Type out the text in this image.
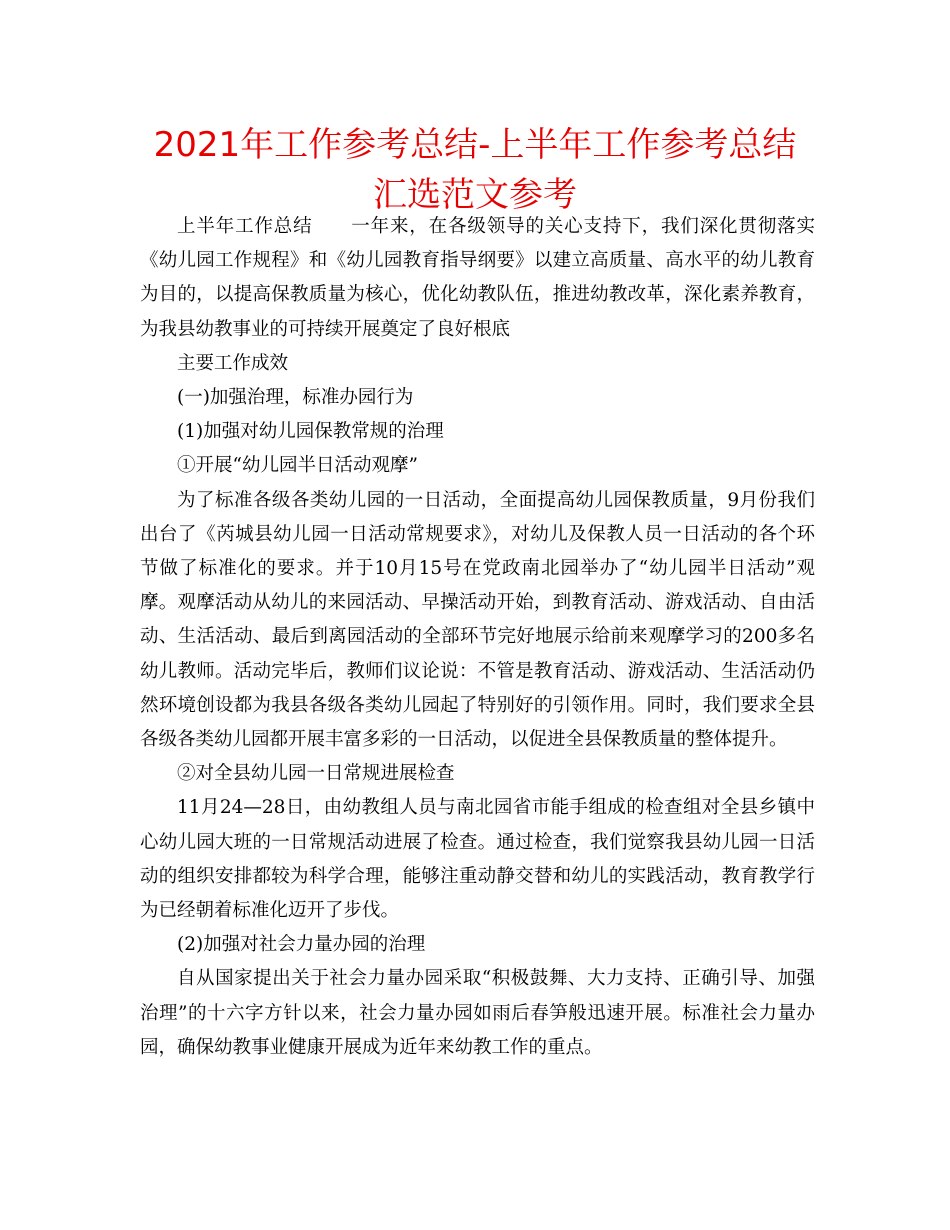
2021年工作参考总结-上半年工作参考总结汇选范文参考

上半年工作总结　　一年来，在各级领导的关心支持下，我们深化贯彻落实《幼儿园工作规程》和《幼儿园教育指导纲要》以建立高质量、高水平的幼儿教育为目的，以提高保教质量为核心，优化幼教队伍，推进幼教改革，深化素养教育，为我县幼教事业的可持续开展奠定了良好根底

主要工作成效

(一)加强治理，标准办园行为

(1)加强对幼儿园保教常规的治理

①开展“幼儿园半日活动观摩”

为了标准各级各类幼儿园的一日活动，全面提高幼儿园保教质量，9月份我们出台了《芮城县幼儿园一日活动常规要求》，对幼儿及保教人员一日活动的各个环节做了标准化的要求。并于10月15号在党政南北园举办了“幼儿园半日活动”观摩。观摩活动从幼儿的来园活动、早操活动开始，到教育活动、游戏活动、自由活动、生活活动、最后到离园活动的全部环节完好地展示给前来观摩学习的200多名幼儿教师。活动完毕后，教师们议论说：不管是教育活动、游戏活动、生活活动仍然环境创设都为我县各级各类幼儿园起了特别好的引领作用。同时，我们要求全县各级各类幼儿园都开展丰富多彩的一日活动，以促进全县保教质量的整体提升。

②对全县幼儿园一日常规进展检查

11月24—28日，由幼教组人员与南北园省市能手组成的检查组对全县乡镇中心幼儿园大班的一日常规活动进展了检查。通过检查，我们觉察我县幼儿园一日活动的组织安排都较为科学合理，能够注重动静交替和幼儿的实践活动，教育教学行为已经朝着标准化迈开了步伐。

(2)加强对社会力量办园的治理

自从国家提出关于社会力量办园采取“积极鼓舞、大力支持、正确引导、加强治理”的十六字方针以来，社会力量办园如雨后春笋般迅速开展。标准社会力量办园，确保幼教事业健康开展成为近年来幼教工作的重点。
